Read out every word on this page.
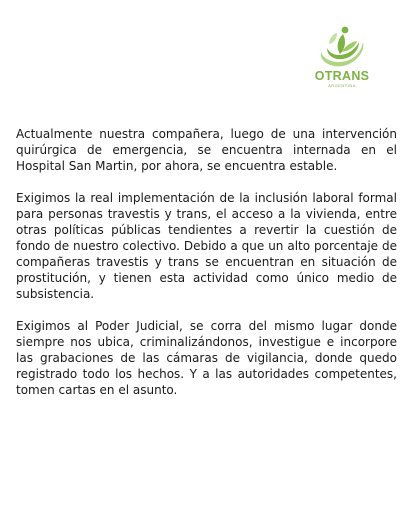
OTRANS
ARGENTINA

Actualmente nuestra compañera, luego de una intervención quirúrgica de emergencia, se encuentra internada en el Hospital San Martin, por ahora, se encuentra estable.

Exigimos la real implementación de la inclusión laboral formal para personas travestis y trans, el acceso a la vivienda, entre otras políticas públicas tendientes a revertir la cuestión de fondo de nuestro colectivo. Debido a que un alto porcentaje de compañeras travestis y trans se encuentran en situación de prostitución, y tienen esta actividad como único medio de subsistencia.

Exigimos al Poder Judicial, se corra del mismo lugar donde siempre nos ubica, criminalizándonos, investigue e incorpore las grabaciones de las cámaras de vigilancia, donde quedo registrado todo los hechos. Y a las autoridades competentes, tomen cartas en el asunto.
